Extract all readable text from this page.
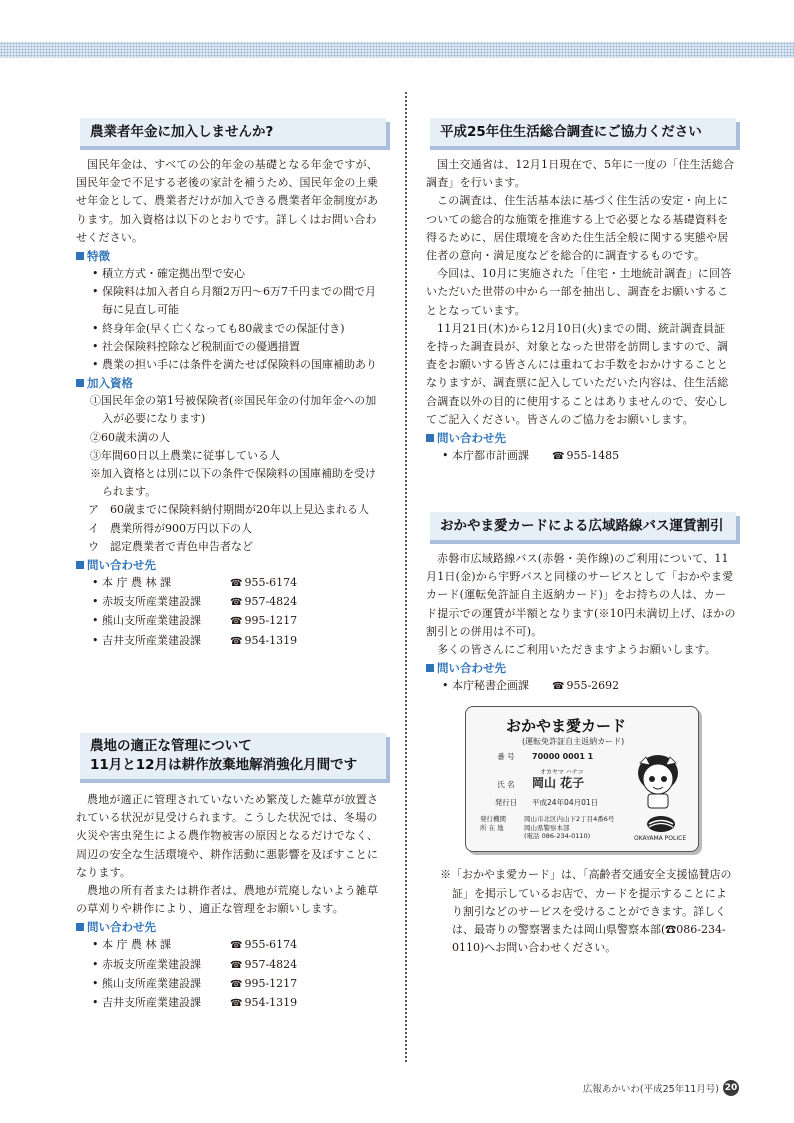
農業者年金に加入しませんか?

国民年金は、すべての公的年金の基礎となる年金ですが、国民年金で不足する老後の家計を補うため、国民年金の上乗せ年金として、農業者だけが加入できる農業者年金制度があります。加入資格は以下のとおりです。詳しくはお問い合わせください。

特徴
• 積立方式・確定拠出型で安心
• 保険料は加入者自ら月額2万円～6万7千円までの間で月毎に見直し可能
• 終身年金(早く亡くなっても80歳までの保証付き)
• 社会保険料控除など税制面での優遇措置
• 農業の担い手には条件を満たせば保険料の国庫補助あり
加入資格
①国民年金の第1号被保険者(※国民年金の付加年金への加入が必要になります)
②60歳未満の人
③年間60日以上農業に従事している人
※加入資格とは別に以下の条件で保険料の国庫補助を受けられます。
ア 60歳までに保険料納付期間が20年以上見込まれる人
イ 農業所得が900万円以下の人
ウ 認定農業者で青色申告者など
問い合わせ先
• 本 庁 農 林 課	☎ 955-6174
• 赤坂支所産業建設課	☎ 957-4824
• 熊山支所産業建設課	☎ 995-1217
• 吉井支所産業建設課	☎ 954-1319
農地の適正な管理について
11月と12月は耕作放棄地解消強化月間です

農地が適正に管理されていないため繁茂した雑草が放置されている状況が見受けられます。こうした状況では、冬場の火災や害虫発生による農作物被害の原因となるだけでなく、周辺の安全な生活環境や、耕作活動に悪影響を及ぼすことになります。

農地の所有者または耕作者は、農地が荒廃しないよう雑草の草刈りや耕作により、適正な管理をお願いします。

問い合わせ先
• 本 庁 農 林 課	☎ 955-6174
• 赤坂支所産業建設課	☎ 957-4824
• 熊山支所産業建設課	☎ 995-1217
• 吉井支所産業建設課	☎ 954-1319
平成25年住生活総合調査にご協力ください

国土交通省は、12月1日現在で、5年に一度の「住生活総合調査」を行います。

この調査は、住生活基本法に基づく住生活の安定・向上についての総合的な施策を推進する上で必要となる基礎資料を得るために、居住環境を含めた住生活全般に関する実態や居住者の意向・満足度などを総合的に調査するものです。

今回は、10月に実施された「住宅・土地統計調査」に回答いただいた世帯の中から一部を抽出し、調査をお願いすることとなっています。

11月21日(木)から12月10日(火)までの間、統計調査員証を持った調査員が、対象となった世帯を訪問しますので、調査をお願いする皆さんには重ねてお手数をおかけすることとなりますが、調査票に記入していただいた内容は、住生活総合調査以外の目的に使用することはありませんので、安心してご記入ください。皆さんのご協力をお願いします。

問い合わせ先
• 本庁都市計画課	☎ 955-1485
おかやま愛カードによる広域路線バス運賃割引

赤磐市広域路線バス(赤磐・美作線)のご利用について、11月1日(金)から宇野バスと同様のサービスとして「おかやま愛カード(運転免許証自主返納カード)」をお持ちの人は、カード提示での運賃が半額となります(※10円未満切上げ、ほかの割引との併用は不可)。

多くの皆さんにご利用いただきますようお願いします。

問い合わせ先
• 本庁秘書企画課	☎ 955-2692
おかやま愛カード
(運転免許証自主返納カード)
番 号 70000 0001 1
オカヤマ ハナコ
氏 名 岡山 花子
発行日 平成24年04月01日
発行機関	岡山市北区内山下2丁目4番6号
所 在 地	岡山県警察本部
(電話 086-234-0110)	OKAYAMA POLICE
※「おかやま愛カード」は、「高齢者交通安全支援協賛店の証」を掲示しているお店で、カードを提示することにより割引などのサービスを受けることができます。詳しくは、最寄りの警察署または岡山県警察本部(☎086-234-0110)へお問い合わせください。
広報あかいわ(平成25年11月号) 20
